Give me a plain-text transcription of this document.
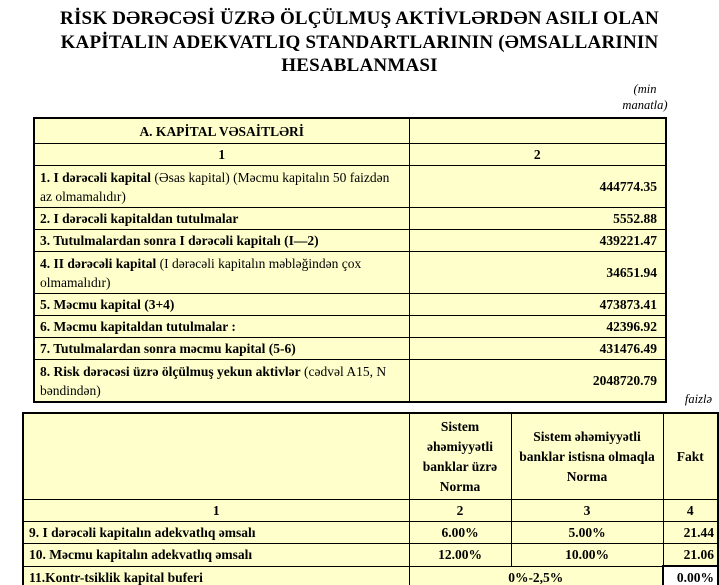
RİSK DƏRƏCƏSİ ÜZRƏ ÖLÇÜLMUŞ AKTİVLƏRDƏN ASILI OLAN
KAPİTALIN ADEKVATLIQ STANDARTLARININ (ƏMSALLARININ
HESABLANMASI
(min
manatla)
A. KAPİTAL VƏSAİTLƏRİ	
1	2
1. I dərəcəli kapital (Əsas kapital) (Məcmu kapitalın 50 faizdən az olmamalıdır)	444774.35
2. I dərəcəli kapitaldan tutulmalar	5552.88
3. Tutulmalardan sonra I dərəcəli kapitalı (I—2)	439221.47
4. II dərəcəli kapital (I dərəcəli kapitalın məbləğindən çox olmamalıdır)	34651.94
5. Məcmu kapital (3+4)	473873.41
6. Məcmu kapitaldan tutulmalar :	42396.92
7. Tutulmalardan sonra məcmu kapital (5-6)	431476.49
8. Risk dərəcəsi üzrə ölçülmuş yekun aktivlər (cədvəl A15, N bəndindən)	2048720.79
faizlə
	Sistem əhəmiyyətli banklar üzrə Norma	Sistem əhəmiyyətli banklar istisna olmaqla Norma	Fakt
1	2	3	4
9. I dərəcəli kapitalın adekvatlıq əmsalı	6.00%	5.00%	21.44
10. Məcmu kapitalın adekvatlıq əmsalı	12.00%	10.00%	21.06
11.Kontr-tsiklik kapital buferi	0%-2,5%		0.00%
